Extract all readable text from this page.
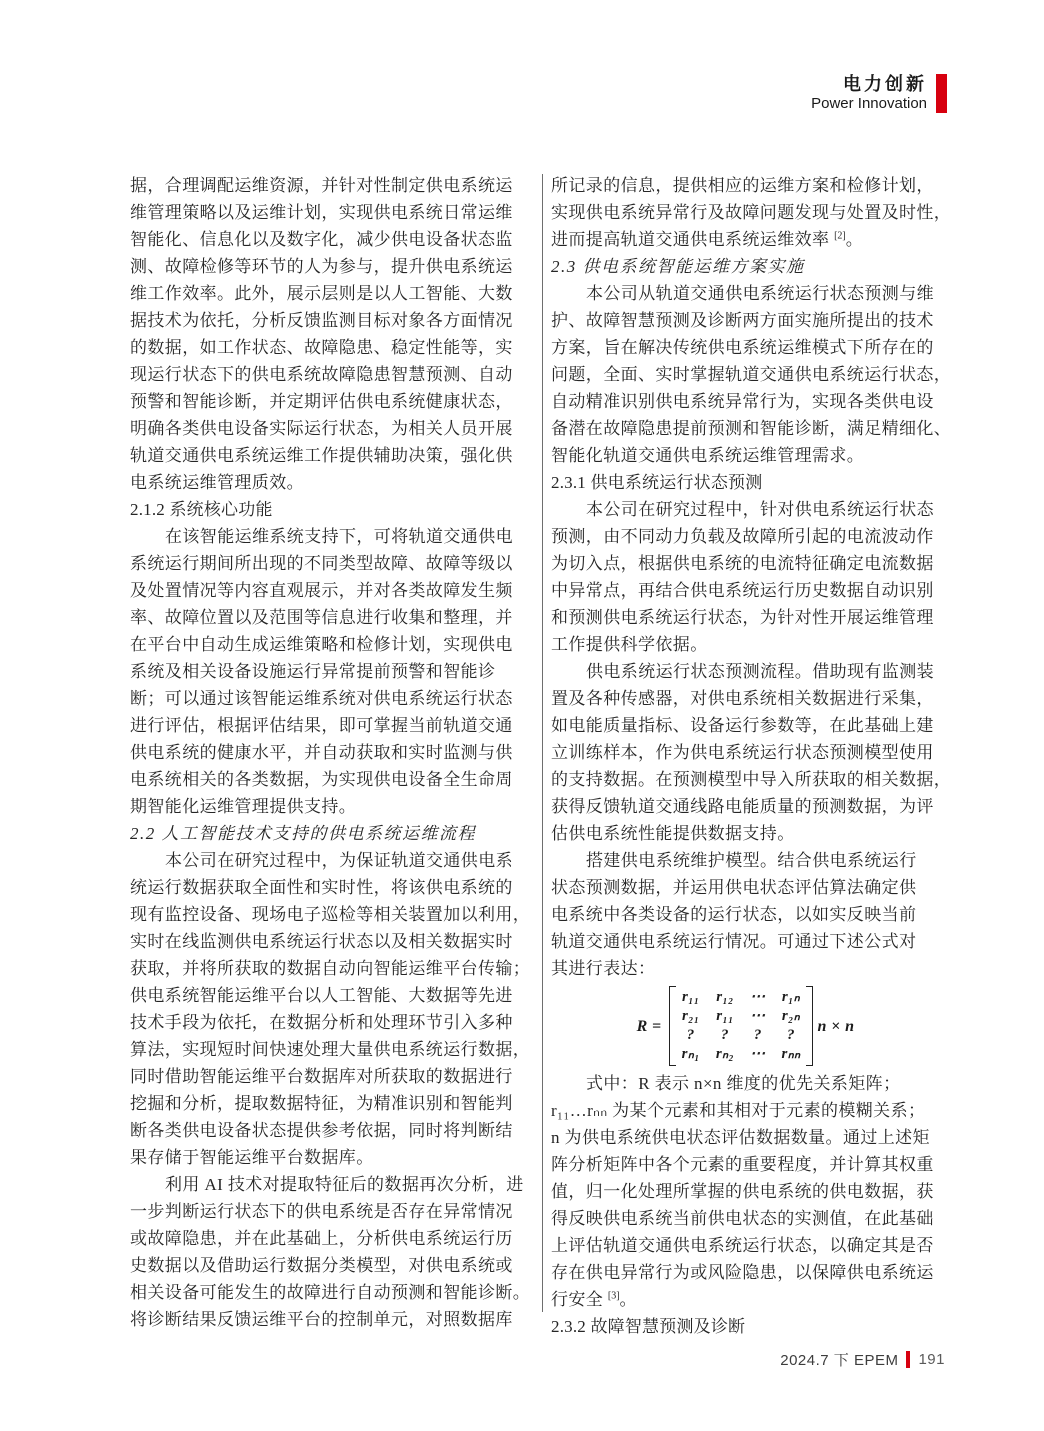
电力创新
Power Innovation
据，合理调配运维资源，并针对性制定供电系统运
维管理策略以及运维计划，实现供电系统日常运维
智能化、信息化以及数字化，减少供电设备状态监
测、故障检修等环节的人为参与，提升供电系统运
维工作效率。此外，展示层则是以人工智能、大数
据技术为依托，分析反馈监测目标对象各方面情况
的数据，如工作状态、故障隐患、稳定性能等，实
现运行状态下的供电系统故障隐患智慧预测、自动
预警和智能诊断，并定期评估供电系统健康状态，
明确各类供电设备实际运行状态，为相关人员开展
轨道交通供电系统运维工作提供辅助决策，强化供
电系统运维管理质效。
2.1.2 系统核心功能
在该智能运维系统支持下，可将轨道交通供电
系统运行期间所出现的不同类型故障、故障等级以
及处置情况等内容直观展示，并对各类故障发生频
率、故障位置以及范围等信息进行收集和整理，并
在平台中自动生成运维策略和检修计划，实现供电
系统及相关设备设施运行异常提前预警和智能诊
断；可以通过该智能运维系统对供电系统运行状态
进行评估，根据评估结果，即可掌握当前轨道交通
供电系统的健康水平，并自动获取和实时监测与供
电系统相关的各类数据，为实现供电设备全生命周
期智能化运维管理提供支持。
2.2 人工智能技术支持的供电系统运维流程
本公司在研究过程中，为保证轨道交通供电系
统运行数据获取全面性和实时性，将该供电系统的
现有监控设备、现场电子巡检等相关装置加以利用，
实时在线监测供电系统运行状态以及相关数据实时
获取，并将所获取的数据自动向智能运维平台传输；
供电系统智能运维平台以人工智能、大数据等先进
技术手段为依托，在数据分析和处理环节引入多种
算法，实现短时间快速处理大量供电系统运行数据，
同时借助智能运维平台数据库对所获取的数据进行
挖掘和分析，提取数据特征，为精准识别和智能判
断各类供电设备状态提供参考依据，同时将判断结
果存储于智能运维平台数据库。
利用 AI 技术对提取特征后的数据再次分析，进
一步判断运行状态下的供电系统是否存在异常情况
或故障隐患，并在此基础上，分析供电系统运行历
史数据以及借助运行数据分类模型，对供电系统或
相关设备可能发生的故障进行自动预测和智能诊断。
将诊断结果反馈运维平台的控制单元，对照数据库
所记录的信息，提供相应的运维方案和检修计划，
实现供电系统异常行及故障问题发现与处置及时性，
进而提高轨道交通供电系统运维效率 [2]。
2.3 供电系统智能运维方案实施
本公司从轨道交通供电系统运行状态预测与维
护、故障智慧预测及诊断两方面实施所提出的技术
方案，旨在解决传统供电系统运维模式下所存在的
问题，全面、实时掌握轨道交通供电系统运行状态，
自动精准识别供电系统异常行为，实现各类供电设
备潜在故障隐患提前预测和智能诊断，满足精细化、
智能化轨道交通供电系统运维管理需求。
2.3.1 供电系统运行状态预测
本公司在研究过程中，针对供电系统运行状态
预测，由不同动力负载及故障所引起的电流波动作
为切入点，根据供电系统的电流特征确定电流数据
中异常点，再结合供电系统运行历史数据自动识别
和预测供电系统运行状态，为针对性开展运维管理
工作提供科学依据。
供电系统运行状态预测流程。借助现有监测装
置及各种传感器，对供电系统相关数据进行采集，
如电能质量指标、设备运行参数等，在此基础上建
立训练样本，作为供电系统运行状态预测模型使用
的支持数据。在预测模型中导入所获取的相关数据，
获得反馈轨道交通线路电能质量的预测数据，为评
估供电系统性能提供数据支持。
搭建供电系统维护模型。结合供电系统运行
状态预测数据，并运用供电状态评估算法确定供
电系统中各类设备的运行状态，以如实反映当前
轨道交通供电系统运行情况。可通过下述公式对
其进行表达：
R =
r₁₁ r₁₂ ⋯ r₁ₙ
r₂₁ r₁₁ ⋯ r₂ₙ
?	?	?	?
rₙ₁ rₙ₂ ⋯ rₙₙ
n × n
式中：R 表示 n×n 维度的优先关系矩阵；
r₁₁…rₙₙ 为某个元素和其相对于元素的模糊关系；
n 为供电系统供电状态评估数据数量。通过上述矩
阵分析矩阵中各个元素的重要程度，并计算其权重
值，归一化处理所掌握的供电系统的供电数据，获
得反映供电系统当前供电状态的实测值，在此基础
上评估轨道交通供电系统运行状态，以确定其是否
存在供电异常行为或风险隐患，以保障供电系统运
行安全 [3]。
2.3.2 故障智慧预测及诊断
2024.7 下 EPEM 191
